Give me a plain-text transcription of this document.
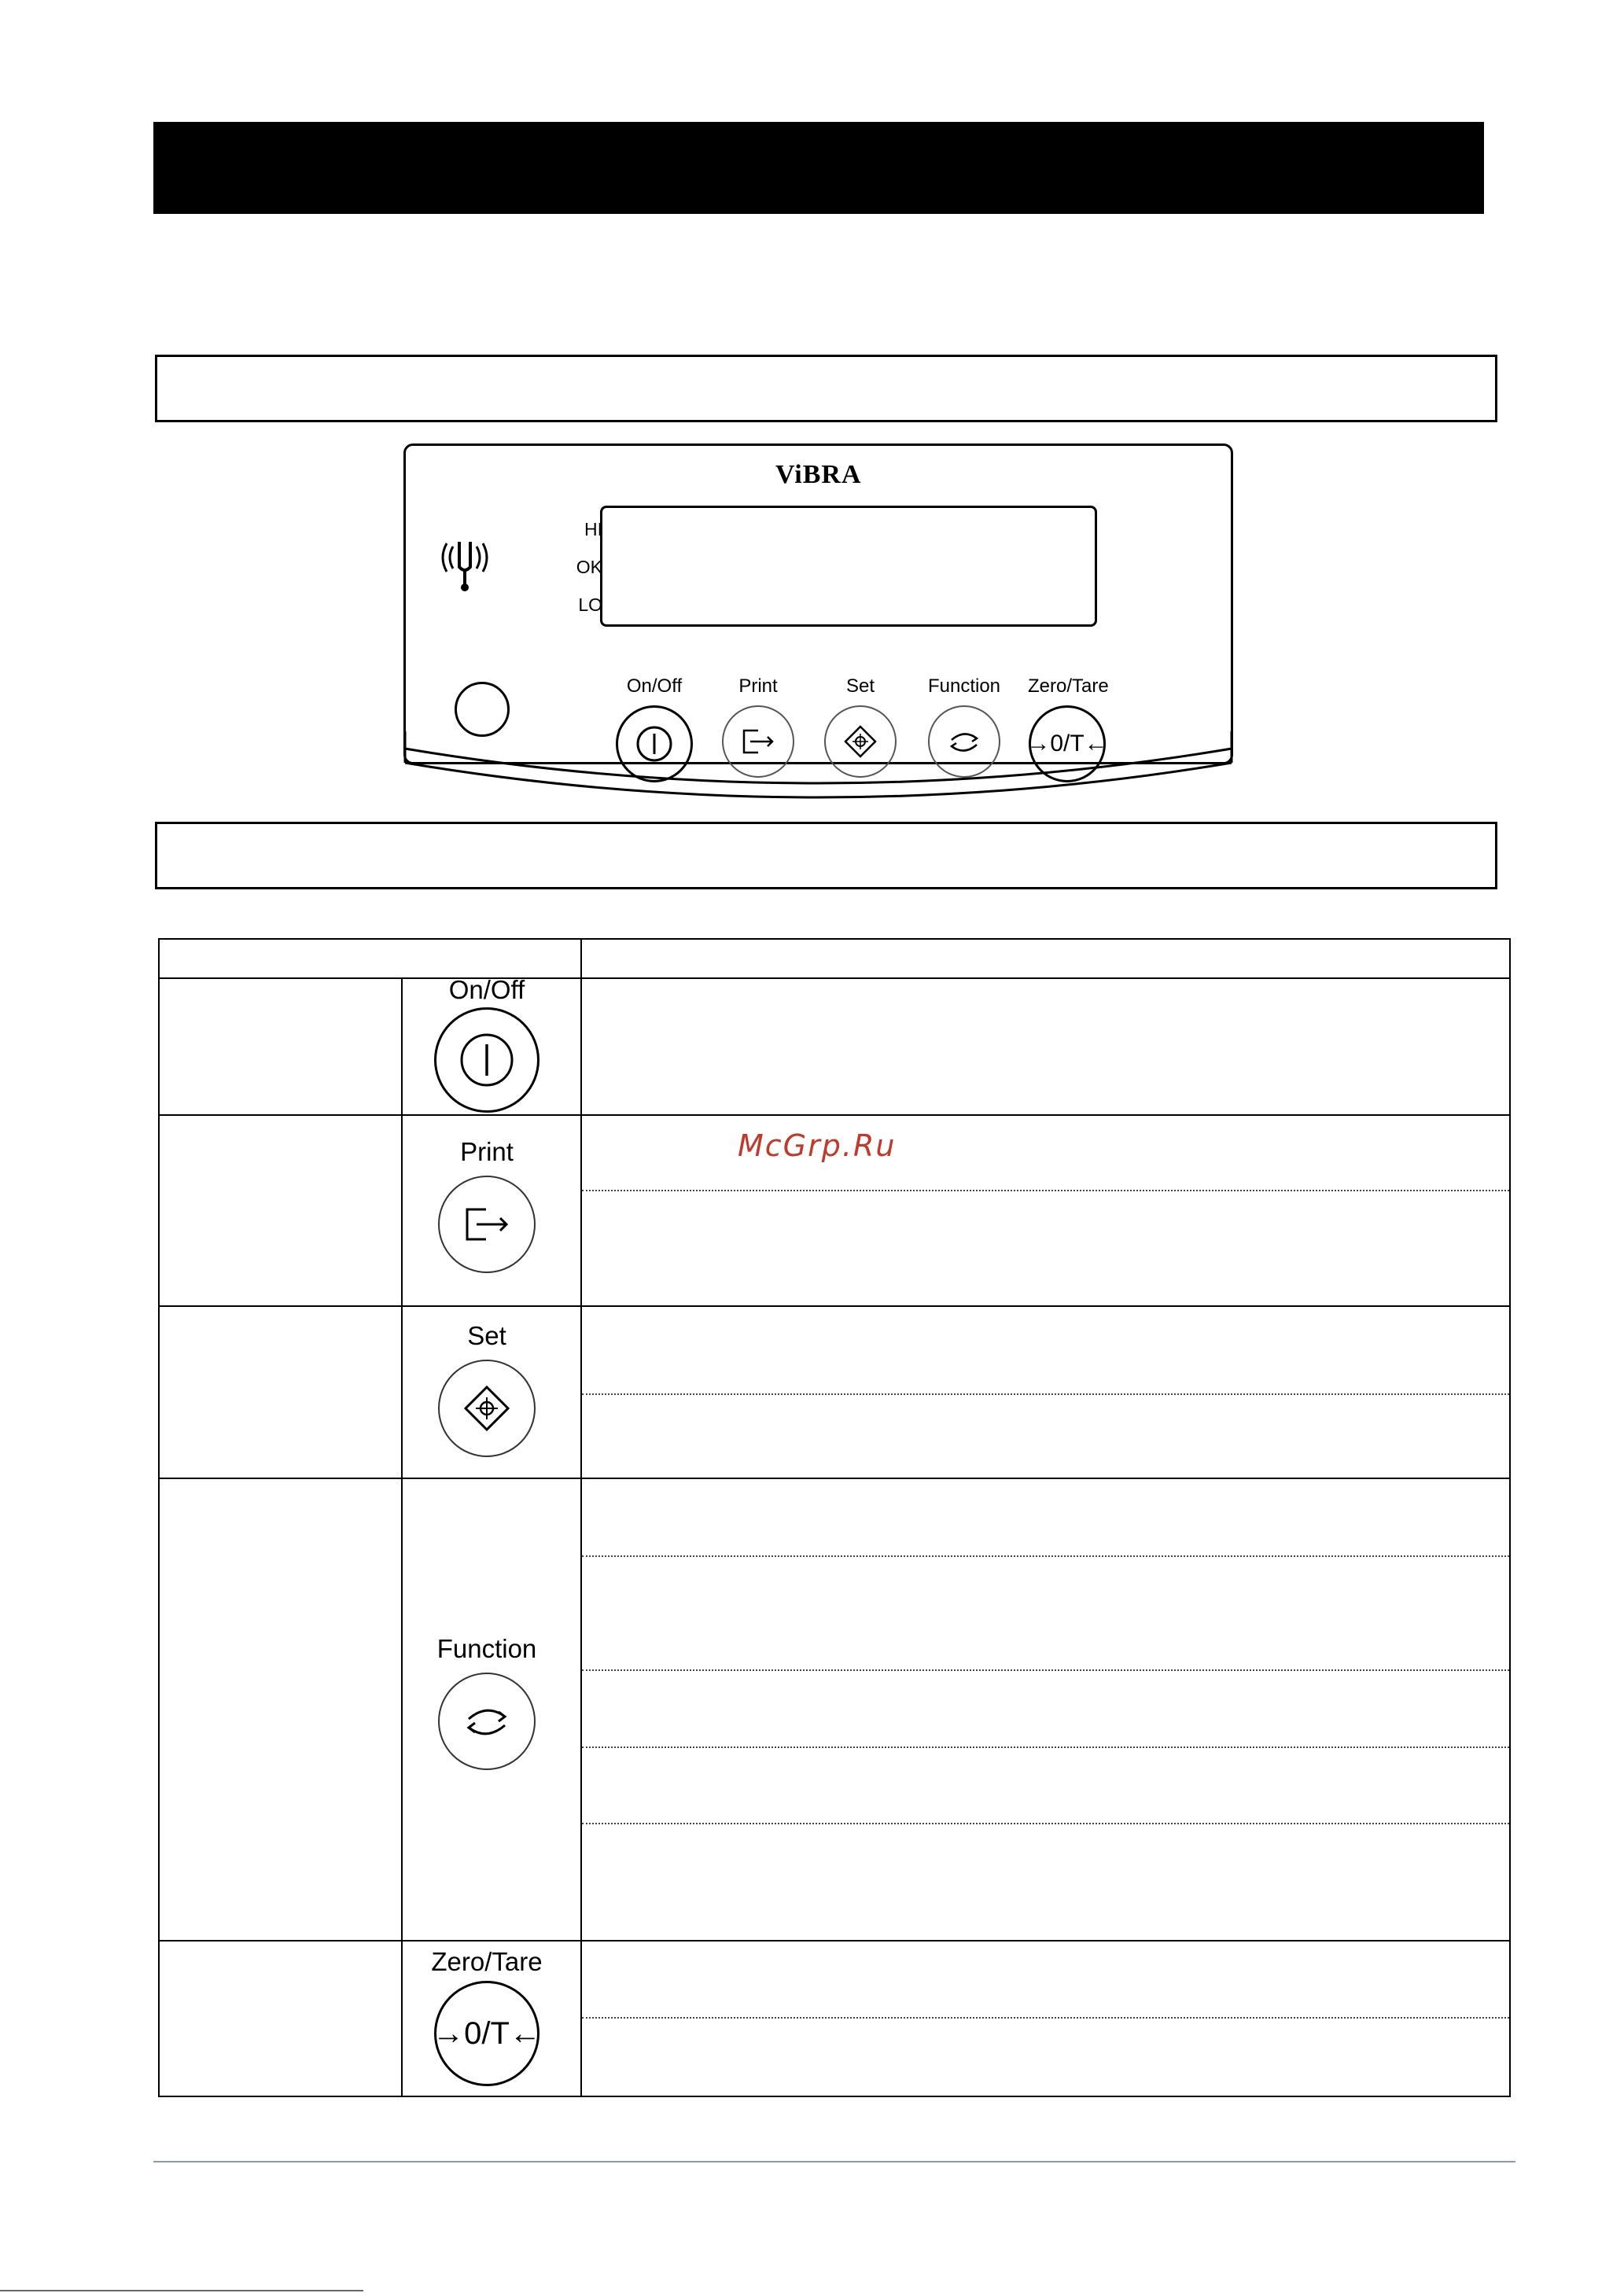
ViBRA
HI
OK
LO
On/Off	Print	Set	Function Zero/Tare
→0/T←
On/Off
Print
Set
Function
Zero/Tare
→0/T←
McGrp.Ru
